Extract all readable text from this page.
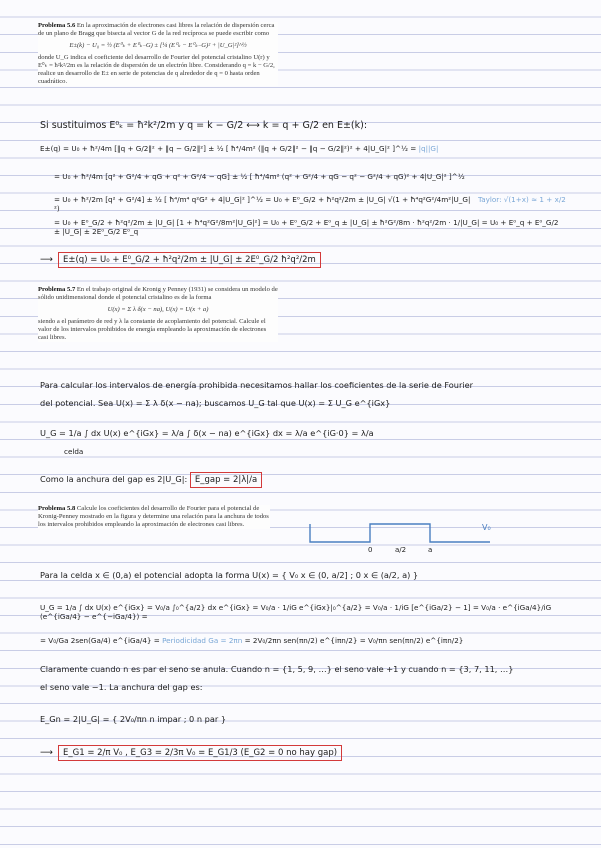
Problema 5.6 En la aproximación de electrones casi libres la relación de dispersión cerca de un plano de Bragg que bisecta al vector G de la red recíproca se puede escribir como
E±(k) − U₀ = ½ (E⁰ₖ + E⁰ₖ₋G) ± [¼ (E⁰ₖ − E⁰ₖ₋G)² + |U_G|²]^½
donde U_G indica el coeficiente del desarrollo de Fourier del potencial cristalino U(r) y E⁰ₖ = ħ²k²/2m es la relación de dispersión de un electrón libre. Considerando q = k − G/2, realice un desarrollo de E± en serie de potencias de q alrededor de q = 0 hasta orden cuadrático.
Si sustituimos E⁰ₖ = ħ²k²/2m y q = k − G/2 ⟷ k = q + G/2 en E±(k):
E±(q) = U₀ + ħ²/4m [‖q + G/2‖² + ‖q − G/2‖²] ± ½ [ ħ⁴/4m² (‖q + G/2‖² − ‖q − G/2‖²)² + 4|U_G|² ]^½ = |q||G|
= U₀ + ħ²/4m [q² + G²/4 + qG + q² + G²/4 − qG] ± ½ [ ħ⁴/4m² (q² + G²/4 + qG − q² − G²/4 + qG)² + 4|U_G|² ]^½
= U₀ + ħ²/2m [q² + G²/4] ± ½ [ ħ⁴/m⁴ q²G² + 4|U_G|² ]^½ = U₀ + E⁰_G/2 + ħ²q²/2m ± |U_G| √(1 + ħ⁴q²G²/4m²|U_G|²)
Taylor: √(1+x) ≈ 1 + x/2
= U₀ + E⁰_G/2 + ħ²q²/2m ± |U_G| [1 + ħ⁴q²G²/8m²|U_G|²] = U₀ + E⁰_G/2 + E⁰_q ± |U_G| ± ħ²G²/8m · ħ²q²/2m · 1/|U_G| = U₀ + E⁰_q + E⁰_G/2 ± |U_G| ± 2E⁰_G/2 E⁰_q
⟶ E±(q) = U₀ + E⁰_G/2 + ħ²q²/2m ± |U_G| ± 2E⁰_G/2 ħ²q²/2m
Problema 5.7 En el trabajo original de Kronig y Penney (1931) se considera un modelo de sólido unidimensional donde el potencial cristalino es de la forma
U(x) = Σ λ δ(x − na), U(x) = U(x + a)
siendo a el parámetro de red y λ la constante de acoplamiento del potencial. Calcule el valor de los intervalos prohibidos de energía empleando la aproximación de electrones casi libres.
Para calcular los intervalos de energía prohibida necesitamos hallar los coeficientes de la serie de Fourier
del potencial. Sea U(x) = Σ λ δ(x − na); buscamos U_G tal que U(x) = Σ U_G e^{iGx}
U_G = 1/a ∫ dx U(x) e^{iGx} = λ/a ∫ δ(x − na) e^{iGx} dx = λ/a e^{iG·0} = λ/a
celda
Como la anchura del gap es 2|U_G|: E_gap = 2|λ|/a
Problema 5.8 Calcule los coeficientes del desarrollo de Fourier para el potencial de Kronig-Penney mostrado en la figura y determine una relación para la anchura de todos los intervalos prohibidos empleando la aproximación de electrones casi libres.	V₀
0	a/2	a
Para la celda x ∈ (0,a) el potencial adopta la forma U(x) = { V₀ x ∈ (0, a/2] ; 0 x ∈ (a/2, a) }
U_G = 1/a ∫ dx U(x) e^{iGx} = V₀/a ∫₀^{a/2} dx e^{iGx} = V₀/a · 1/iG e^{iGx}|₀^{a/2} = V₀/a · 1/iG [e^{iGa/2} − 1] = V₀/a · e^{iGa/4}/iG (e^{iGa/4} − e^{−iGa/4}) =
= V₀/Ga 2sen(Ga/4) e^{iGa/4} = Periodicidad Ga = 2πn = 2V₀/2πn sen(πn/2) e^{iπn/2} = V₀/πn sen(πn/2) e^{iπn/2}
Claramente cuando n es par el seno se anula. Cuando n = {1, 5, 9, …} el seno vale +1 y cuando n = {3, 7, 11, …}
el seno vale −1. La anchura del gap es:
E_Gn = 2|U_G| = { 2V₀/πn n impar ; 0 n par }
⟶ E_G1 = 2/π V₀ , E_G3 = 2/3π V₀ = E_G1/3 (E_G2 = 0 no hay gap)
